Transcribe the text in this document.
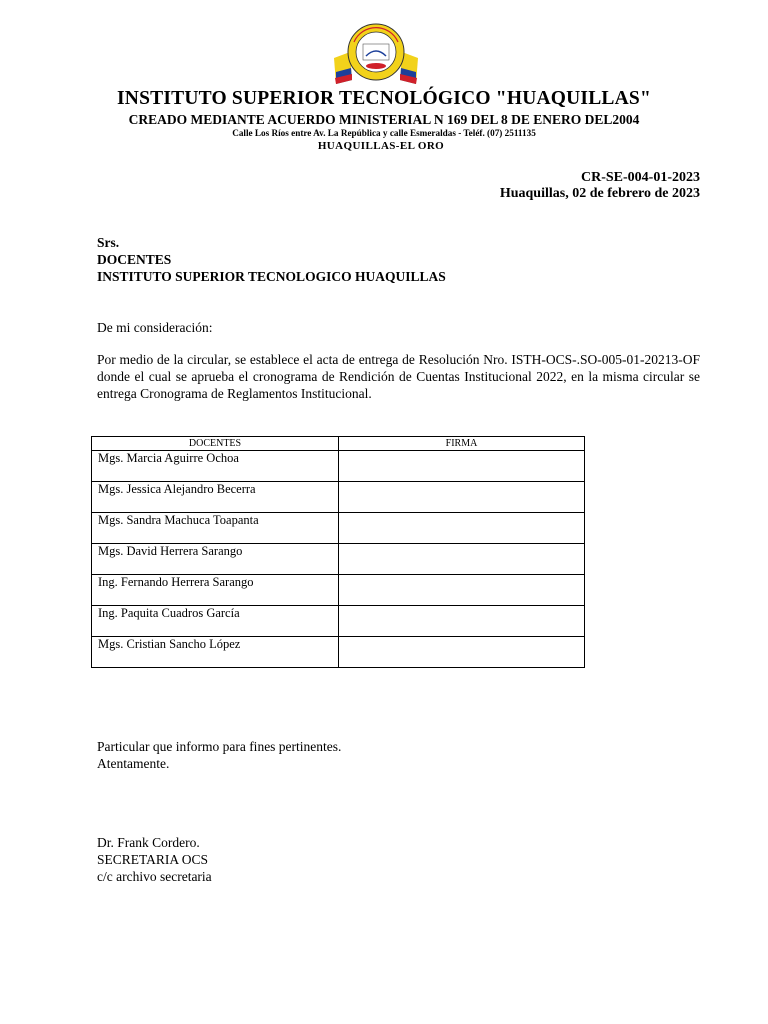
INSTITUTO SUPERIOR TECNOLÓGICO "HUAQUILLAS"
CREADO MEDIANTE ACUERDO MINISTERIAL N 169 DEL 8 DE ENERO DEL2004
Calle Los Ríos entre Av. La República y calle Esmeraldas - Teléf. (07) 2511135
HUAQUILLAS-EL ORO
CR-SE-004-01-2023
Huaquillas, 02 de febrero de 2023
Srs.
DOCENTES
INSTITUTO SUPERIOR TECNOLOGICO HUAQUILLAS
De mi consideración:
Por medio de la circular, se establece el acta de entrega de Resolución Nro. ISTH-OCS-.SO-005-01-20213-OF donde el cual se aprueba el cronograma de Rendición de Cuentas Institucional 2022, en la misma circular se entrega Cronograma de Reglamentos Institucional.
DOCENTES	FIRMA
Mgs. Marcia Aguirre Ochoa	
Mgs. Jessica Alejandro Becerra	
Mgs. Sandra Machuca Toapanta	
Mgs. David Herrera Sarango	
Ing. Fernando Herrera Sarango	
Ing. Paquita Cuadros García	
Mgs. Cristian Sancho López	
Particular que informo para fines pertinentes.
Atentamente.
Dr. Frank Cordero.
SECRETARIA OCS
c/c archivo secretaria
